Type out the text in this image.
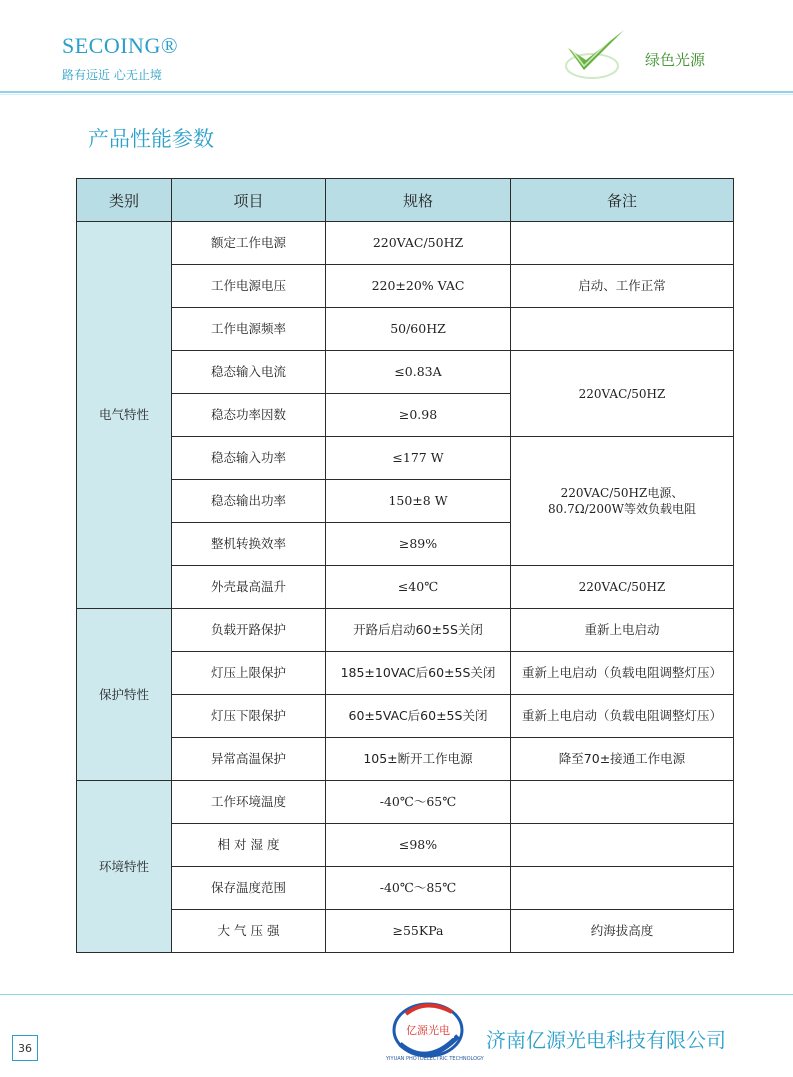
SECOING®
路有远近 心无止境
绿色光源
产品性能参数
类别	项目	规格	备注
电气特性	额定工作电源	220VAC/50HZ	
	工作电源电压	220±20% VAC	启动、工作正常
	工作电源频率	50/60HZ	
	稳态输入电流	≤0.83A	220VAC/50HZ
	稳态功率因数	≥0.98	
	稳态输入功率	≤177 W	220VAC/50HZ电源、
80.7Ω/200W等效负载电阻

	稳态输出功率	150±8 W	
	整机转换效率	≥89%	
	外壳最高温升	≤40℃	220VAC/50HZ
保护特性	负载开路保护	开路后启动60±5S关闭	重新上电启动
	灯压上限保护	185±10VAC后60±5S关闭	重新上电启动（负载电阻调整灯压）
	灯压下限保护	60±5VAC后60±5S关闭	重新上电启动（负载电阻调整灯压）
	异常高温保护	105±断开工作电源	降至70±接通工作电源
环境特性	工作环境温度	-40℃～65℃	
	相 对 湿 度	≤98%	
	保存温度范围	-40℃～85℃	
	大 气 压 强	≥55KPa	约海拔高度
36
亿源光电
YIYUAN PHOTOELECTRIC TECHNOLOGY
济南亿源光电科技有限公司
